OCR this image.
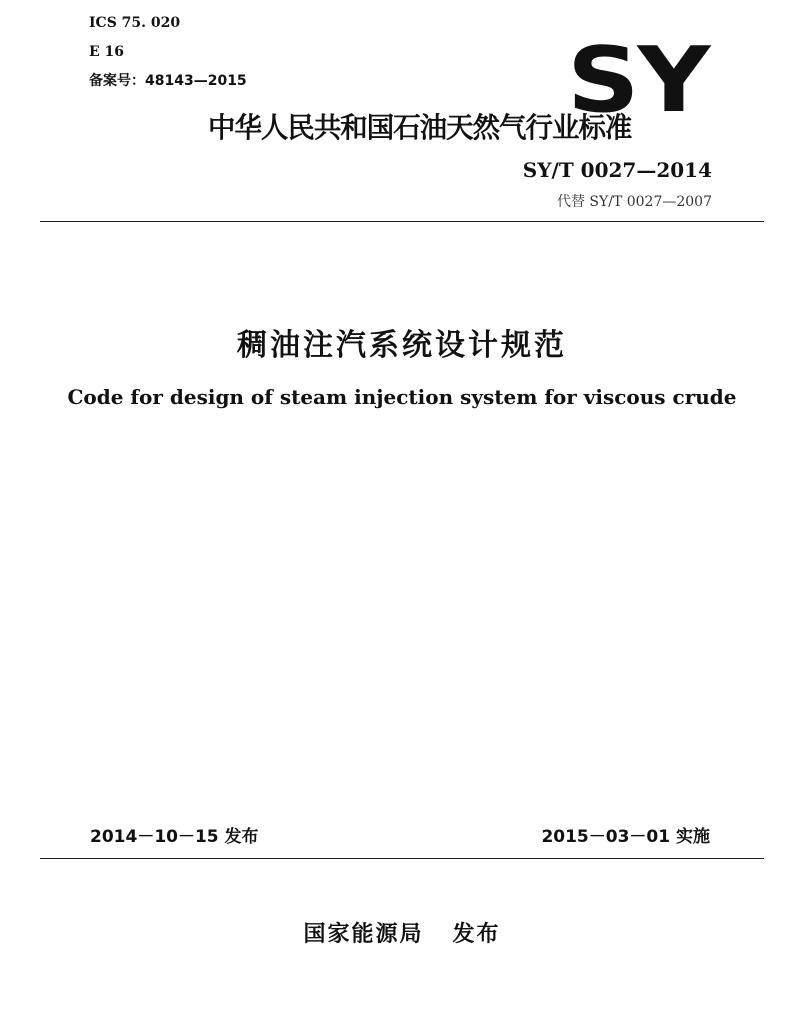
ICS 75. 020
E 16
备案号：48143—2015	SY
中华人民共和国石油天然气行业标准
SY/T 0027—2014
代替 SY/T 0027—2007
稠油注汽系统设计规范
Code for design of steam injection system for viscous crude
2014－10－15 发布	2015－03－01 实施
国家能源局   发布
